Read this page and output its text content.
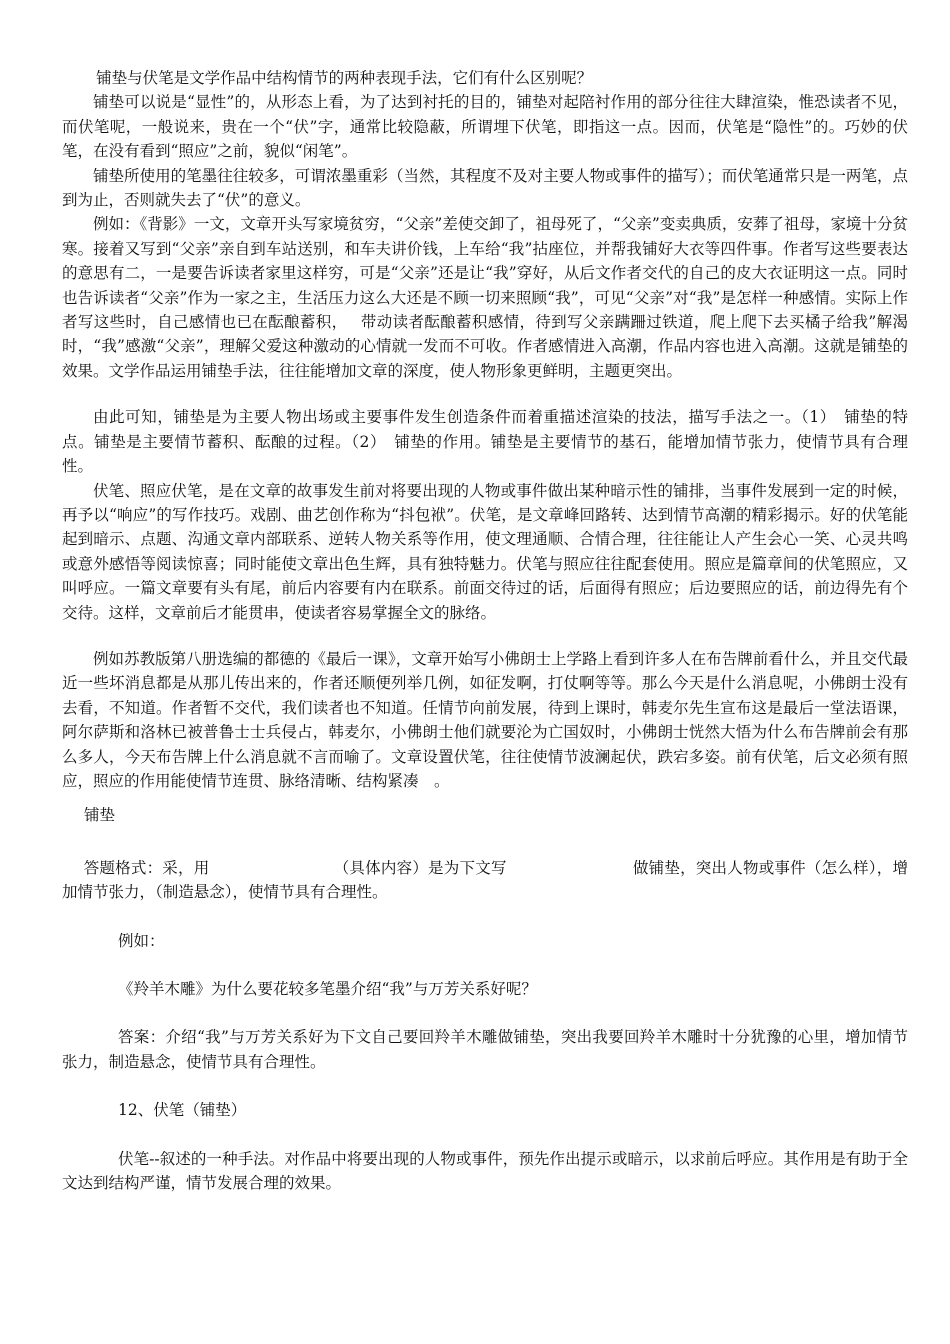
铺垫与伏笔是文学作品中结构情节的两种表现手法，它们有什么区别呢？

铺垫可以说是“显性”的，从形态上看，为了达到衬托的目的，铺垫对起陪衬作用的部分往往大肆渲染，惟恐读者不见，而伏笔呢，一般说来，贵在一个“伏”字，通常比较隐蔽，所谓埋下伏笔，即指这一点。因而，伏笔是“隐性”的。巧妙的伏笔，在没有看到“照应”之前，貌似“闲笔”。

铺垫所使用的笔墨往往较多，可谓浓墨重彩（当然，其程度不及对主要人物或事件的描写）；而伏笔通常只是一两笔，点到为止，否则就失去了“伏”的意义。

例如：《背影》一文，文章开头写家境贫穷，“父亲”差使交卸了，祖母死了，“父亲”变卖典质，安葬了祖母，家境十分贫寒。接着又写到“父亲”亲自到车站送别，和车夫讲价钱，上车给“我”拈座位，并帮我铺好大衣等四件事。作者写这些要表达的意思有二，一是要告诉读者家里这样穷，可是“父亲”还是让“我”穿好，从后文作者交代的自己的皮大衣证明这一点。同时也告诉读者“父亲”作为一家之主，生活压力这么大还是不顾一切来照顾“我”，可见“父亲”对“我”是怎样一种感情。实际上作者写这些时，自己感情也已在酝酿蓄积，　 带动读者酝酿蓄积感情，待到写父亲蹒跚过铁道，爬上爬下去买橘子给我”解渴时，“我”感激“父亲”，理解父爱这种激动的心情就一发而不可收。作者感情进入高潮，作品内容也进入高潮。这就是铺垫的效果。文学作品运用铺垫手法，往往能增加文章的深度，使人物形象更鲜明，主题更突出。

由此可知，铺垫是为主要人物出场或主要事件发生创造条件而着重描述渲染的技法，描写手法之一。（1）　铺垫的特点。铺垫是主要情节蓄积、酝酿的过程。（2）　铺垫的作用。铺垫是主要情节的基石，能增加情节张力，使情节具有合理性。

伏笔、照应伏笔，是在文章的故事发生前对将要出现的人物或事件做出某种暗示性的铺排，当事件发展到一定的时候，再予以“响应”的写作技巧。戏剧、曲艺创作称为“抖包袱”。伏笔，是文章峰回路转、达到情节高潮的精彩揭示。好的伏笔能起到暗示、点题、沟通文章内部联系、逆转人物关系等作用，使文理通顺、合情合理，往往能让人产生会心一笑、心灵共鸣或意外感悟等阅读惊喜；同时能使文章出色生辉，具有独特魅力。伏笔与照应往往配套使用。照应是篇章间的伏笔照应，又叫呼应。一篇文章要有头有尾，前后内容要有内在联系。前面交待过的话，后面得有照应；后边要照应的话，前边得先有个交待。这样，文章前后才能贯串，使读者容易掌握全文的脉络。

例如苏教版第八册选编的都德的《最后一课》，文章开始写小佛朗士上学路上看到许多人在布告牌前看什么，并且交代最近一些坏消息都是从那儿传出来的，作者还顺便列举几例，如征发啊，打仗啊等等。那么今天是什么消息呢，小佛朗士没有去看，不知道。作者暂不交代，我们读者也不知道。任情节向前发展，待到上课时，韩麦尔先生宣布这是最后一堂法语课，阿尔萨斯和洛林已被普鲁士士兵侵占，韩麦尔，小佛朗士他们就要沦为亡国奴时，小佛朗士恍然大悟为什么布告牌前会有那么多人，今天布告牌上什么消息就不言而喻了。文章设置伏笔，往往使情节波澜起伏，跌宕多姿。前有伏笔，后文必须有照应，照应的作用能使情节连贯、脉络清晰、结构紧凑　。

铺垫

答题格式：采，用	（具体内容）是为下文写	做铺垫，突出人物或事件（怎么样），增加情节张力，（制造悬念），使情节具有合理性。

例如：

《羚羊木雕》为什么要花较多笔墨介绍“我”与万芳关系好呢？

答案：介绍“我”与万芳关系好为下文自己要回羚羊木雕做铺垫，突出我要回羚羊木雕时十分犹豫的心里，增加情节张力，制造悬念，使情节具有合理性。

12、伏笔（铺垫）

伏笔--叙述的一种手法。对作品中将要出现的人物或事件，预先作出提示或暗示，以求前后呼应。其作用是有助于全文达到结构严谨，情节发展合理的效果。
